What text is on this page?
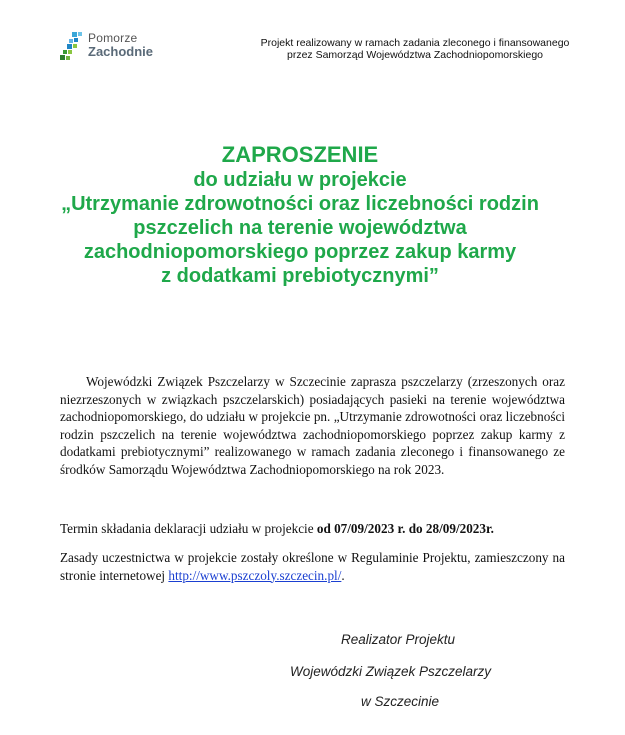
Pomorze
Zachodnie
Projekt realizowany w ramach zadania zleconego i finansowanego
przez Samorząd Województwa Zachodniopomorskiego
ZAPROSZENIE
do udziału w projekcie
„Utrzymanie zdrowotności oraz liczebności rodzin
pszczelich na terenie województwa
zachodniopomorskiego poprzez zakup karmy
z dodatkami prebiotycznymi”
Wojewódzki Związek Pszczelarzy w Szczecinie zaprasza pszczelarzy (zrzeszonych oraz niezrzeszonych w związkach pszczelarskich) posiadających pasieki na terenie województwa zachodniopomorskiego, do udziału w projekcie pn. „Utrzymanie zdrowotności oraz liczebności rodzin pszczelich na terenie województwa zachodniopomorskiego poprzez zakup karmy z dodatkami prebiotycznymi” realizowanego w ramach zadania zleconego i finansowanego ze środków Samorządu Województwa Zachodniopomorskiego na rok 2023.
Termin składania deklaracji udziału w projekcie od 07/09/2023 r. do 28/09/2023r.
Zasady uczestnictwa w projekcie zostały określone w Regulaminie Projektu, zamieszczony na stronie internetowej http://www.pszczoly.szczecin.pl/.
Realizator Projektu
Wojewódzki Związek Pszczelarzy
w Szczecinie
